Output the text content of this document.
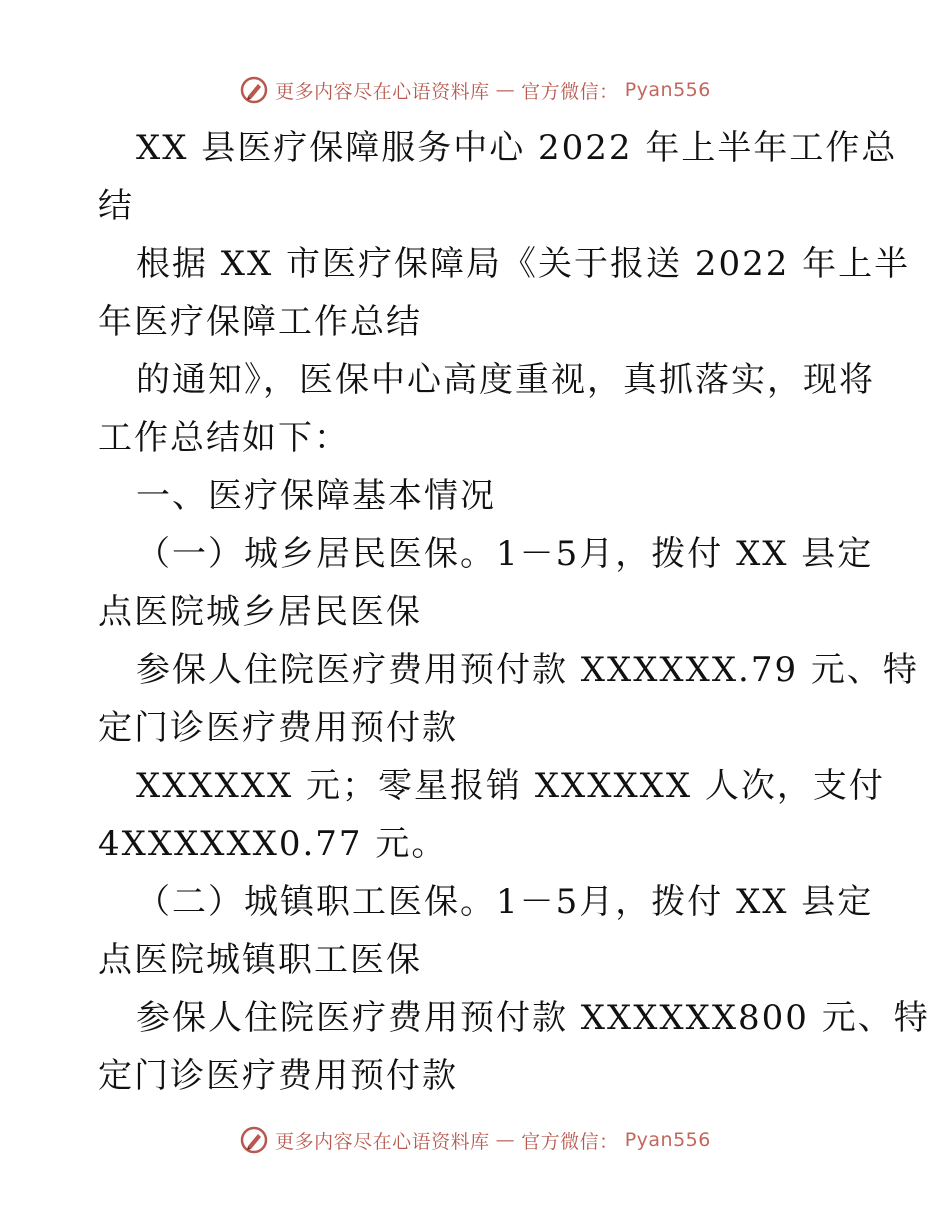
更多内容尽在心语资料库 — 官方微信： Pyan556
XX 县医疗保障服务中心 2022 年上半年工作总
结
根据 XX 市医疗保障局《关于报送 2022 年上半
年医疗保障工作总结
的通知》，医保中心高度重视，真抓落实，现将
工作总结如下：
一、医疗保障基本情况
（一）城乡居民医保。1－5月，拨付 XX 县定
点医院城乡居民医保
参保人住院医疗费用预付款 XXXXXX.79 元、特
定门诊医疗费用预付款
XXXXXX 元；零星报销 XXXXXX 人次，支付
4XXXXXX0.77 元。
（二）城镇职工医保。1－5月，拨付 XX 县定
点医院城镇职工医保
参保人住院医疗费用预付款 XXXXXX800 元、特
定门诊医疗费用预付款
更多内容尽在心语资料库 — 官方微信： Pyan556
